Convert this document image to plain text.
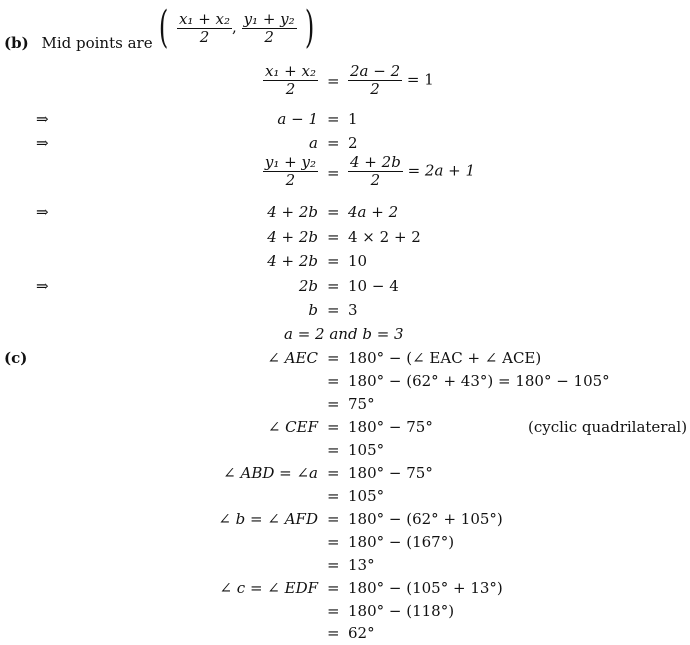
(b) Mid points are ( $\frac{\text{x₁ + x₂}}{2}$ , $\frac{\text{y₁ + y₂}}{2}$ )
$\frac{\text{x₁ + x₂}}{2} = \frac{2a - 2}{2} = 1$
⇒	a − 1 = 1
⇒	a = 2
$\frac{\text{y₁ + y₂}}{2} = \frac{4 + 2b}{2} = 2a + 1$
⇒	4 + 2b = 4a + 2
4 + 2b = 4 × 2 + 2
4 + 2b = 10
⇒	2b = 10 − 4
b = 3
a = 2 and b = 3
(c)	∠ AEC = 180° − (∠ EAC + ∠ ACE)
= 180° − (62° + 43°) = 180° − 105°
= 75°
∠ CEF = 180° − 75°	(cyclic quadrilateral)
= 105°
∠ ABD = ∠a = 180° − 75°
= 105°
∠ b = ∠ AFD = 180° − (62° + 105°)
= 180° − (167°)
= 13°
∠ c = ∠ EDF = 180° − (105° + 13°)
= 180° − (118°)
= 62°
